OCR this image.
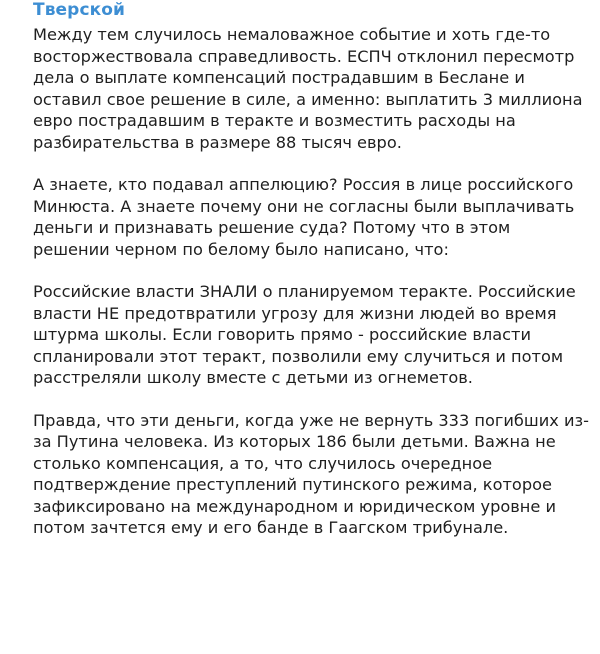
Тверской

Между тем случилось немаловажное событие и хоть где-то восторжествовала справедливость. ЕСПЧ отклонил пересмотр дела о выплате компенсаций пострадавшим в Беслане и оставил свое решение в силе, а именно: выплатить 3 миллиона евро пострадавшим в теракте и возместить расходы на разбирательства в размере 88 тысяч евро.

А знаете, кто подавал аппелюцию? Россия в лице российского Минюста. А знаете почему они не согласны были выплачивать деньги и признавать решение суда? Потому что в этом решении черном по белому было написано, что:

Российские власти ЗНАЛИ о планируемом теракте. Российские власти НЕ предотвратили угрозу для жизни людей во время штурма школы. Если говорить прямо - российские власти спланировали этот теракт, позволили ему случиться и потом расстреляли школу вместе с детьми из огнеметов.

Правда, что эти деньги, когда уже не вернуть 333 погибших из-за Путина человека. Из которых 186 были детьми. Важна не столько компенсация, а то, что случилось очередное подтверждение преступлений путинского режима, которое зафиксировано на международном и юридическом уровне и потом зачтется ему и его банде в Гаагском трибунале.
